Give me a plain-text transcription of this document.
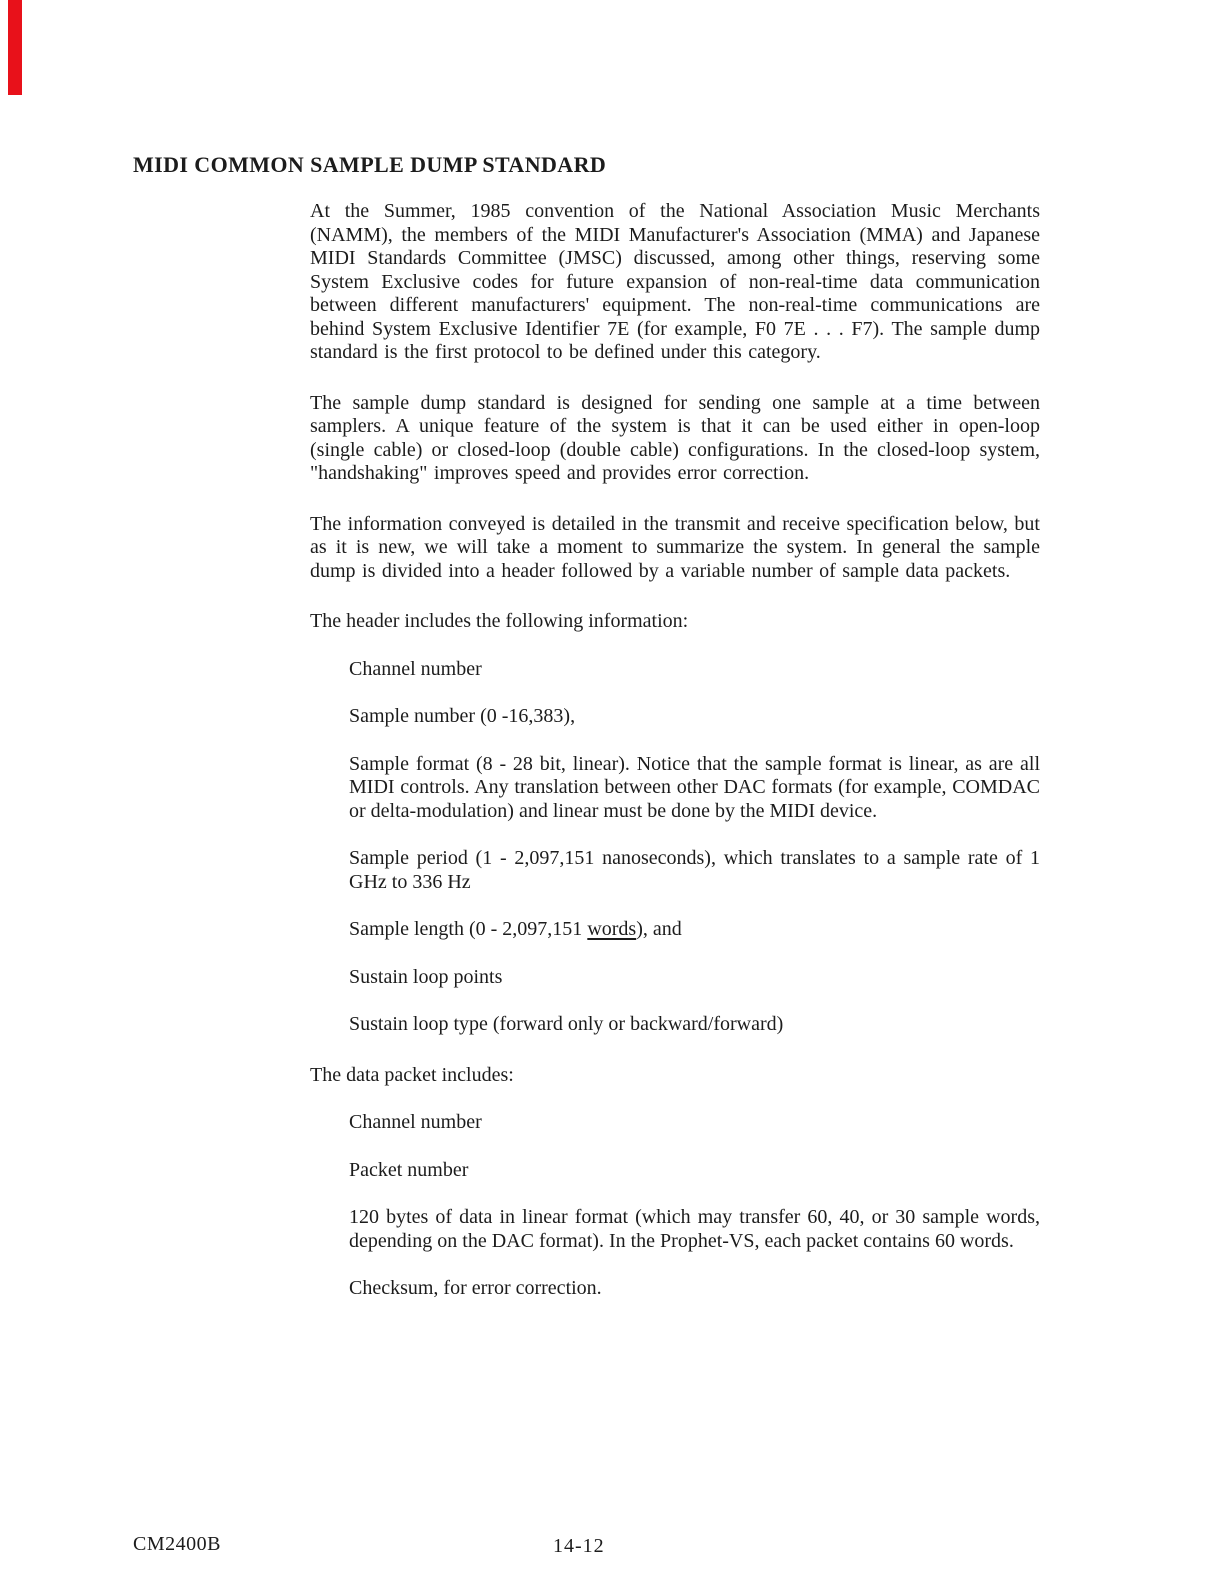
MIDI COMMON SAMPLE DUMP STANDARD

At the Summer, 1985 convention of the National Association Music Merchants (NAMM), the members of the MIDI Manufacturer's Association (MMA) and Japanese MIDI Standards Committee (JMSC) discussed, among other things, reserving some System Exclusive codes for future expansion of non-real-time data communication between different manufacturers' equipment. The non-real-time communications are behind System Exclusive Identifier 7E (for example, F0 7E . . . F7). The sample dump standard is the first protocol to be defined under this category.

The sample dump standard is designed for sending one sample at a time between samplers. A unique feature of the system is that it can be used either in open-loop (single cable) or closed-loop (double cable) configurations. In the closed-loop system, "handshaking" improves speed and provides error correction.

The information conveyed is detailed in the transmit and receive specification below, but as it is new, we will take a moment to summarize the system. In general the sample dump is divided into a header followed by a variable number of sample data packets.

The header includes the following information:

Channel number

Sample number (0 -16,383),

Sample format (8 - 28 bit, linear). Notice that the sample format is linear, as are all MIDI controls. Any translation between other DAC formats (for example, COMDAC or delta-modulation) and linear must be done by the MIDI device.

Sample period (1 - 2,097,151 nanoseconds), which translates to a sample rate of 1 GHz to 336 Hz

Sample length (0 - 2,097,151 words), and

Sustain loop points

Sustain loop type (forward only or backward/forward)

The data packet includes:

Channel number

Packet number

120 bytes of data in linear format (which may transfer 60, 40, or 30 sample words, depending on the DAC format). In the Prophet-VS, each packet contains 60 words.

Checksum, for error correction.

CM2400B	14-12
